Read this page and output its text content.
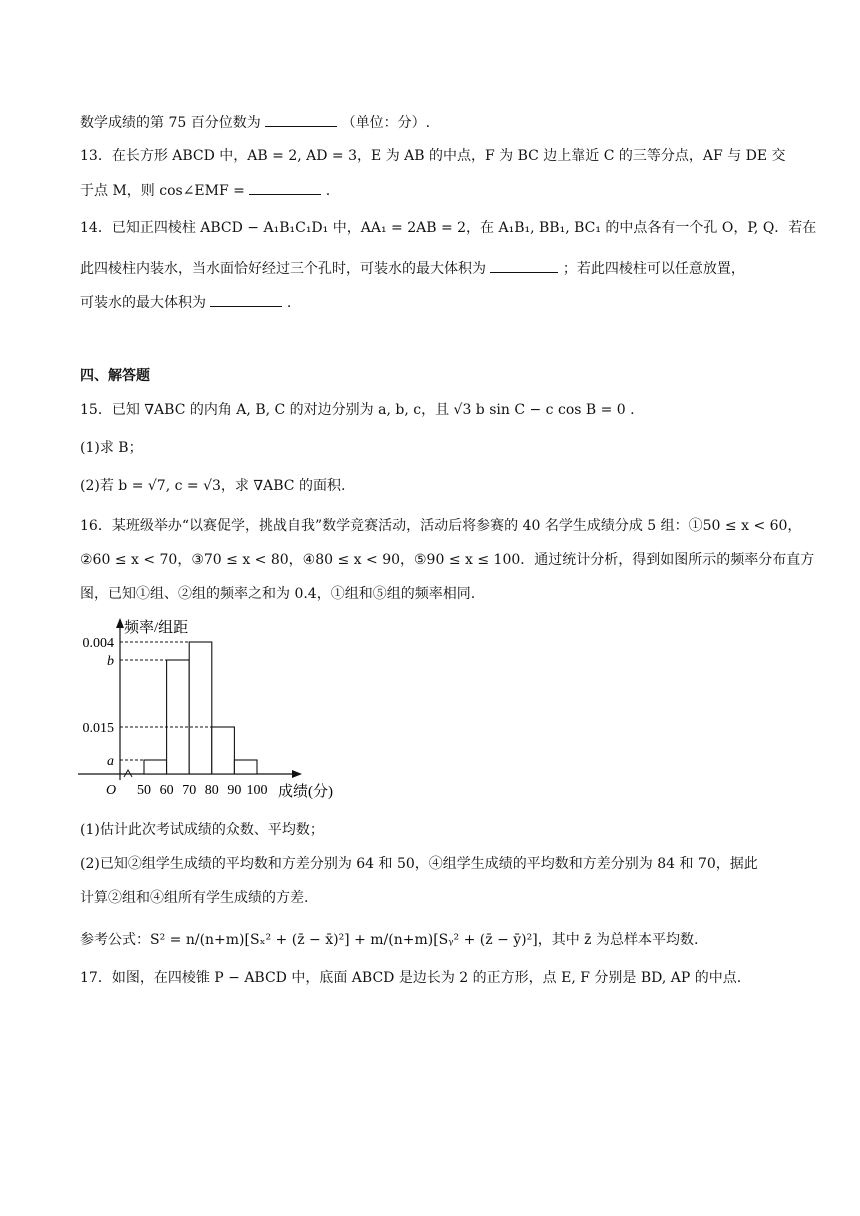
数学成绩的第 75 百分位数为	（单位：分）.
13．在长方形 ABCD 中，AB = 2, AD = 3，E 为 AB 的中点，F 为 BC 边上靠近 C 的三等分点，AF 与 DE 交
于点 M，则 cos∠EMF =	.
14．已知正四棱柱 ABCD − A₁B₁C₁D₁ 中，AA₁ = 2AB = 2，在 A₁B₁, BB₁, BC₁ 的中点各有一个孔 O，P, Q．若在
此四棱柱内装水，当水面恰好经过三个孔时，可装水的最大体积为	；若此四棱柱可以任意放置，
可装水的最大体积为	.
四、解答题
15．已知 ∇ABC 的内角 A, B, C 的对边分别为 a, b, c，且 √3 b sin C − c cos B = 0 .
(1)求 B；
(2)若 b = √7, c = √3，求 ∇ABC 的面积.
16．某班级举办“以赛促学，挑战自我”数学竞赛活动，活动后将参赛的 40 名学生成绩分成 5 组：①50 ≤ x < 60，
②60 ≤ x < 70，③70 ≤ x < 80，④80 ≤ x < 90，⑤90 ≤ x ≤ 100．通过统计分析，得到如图所示的频率分布直方
图，已知①组、②组的频率之和为 0.4，①组和⑤组的频率相同.
频率/组距
成绩(分)
O
0.004
b
0.015
a
50 60 70 80 90 100
(1)估计此次考试成绩的众数、平均数；
(2)已知②组学生成绩的平均数和方差分别为 64 和 50，④组学生成绩的平均数和方差分别为 84 和 70，据此
计算②组和④组所有学生成绩的方差.
参考公式：S² = n/(n+m)[Sₓ² + (z̄ − x̄)²] + m/(n+m)[Sᵧ² + (z̄ − ȳ)²]，其中 z̄ 为总样本平均数.
17．如图，在四棱锥 P − ABCD 中，底面 ABCD 是边长为 2 的正方形，点 E, F 分别是 BD, AP 的中点.
